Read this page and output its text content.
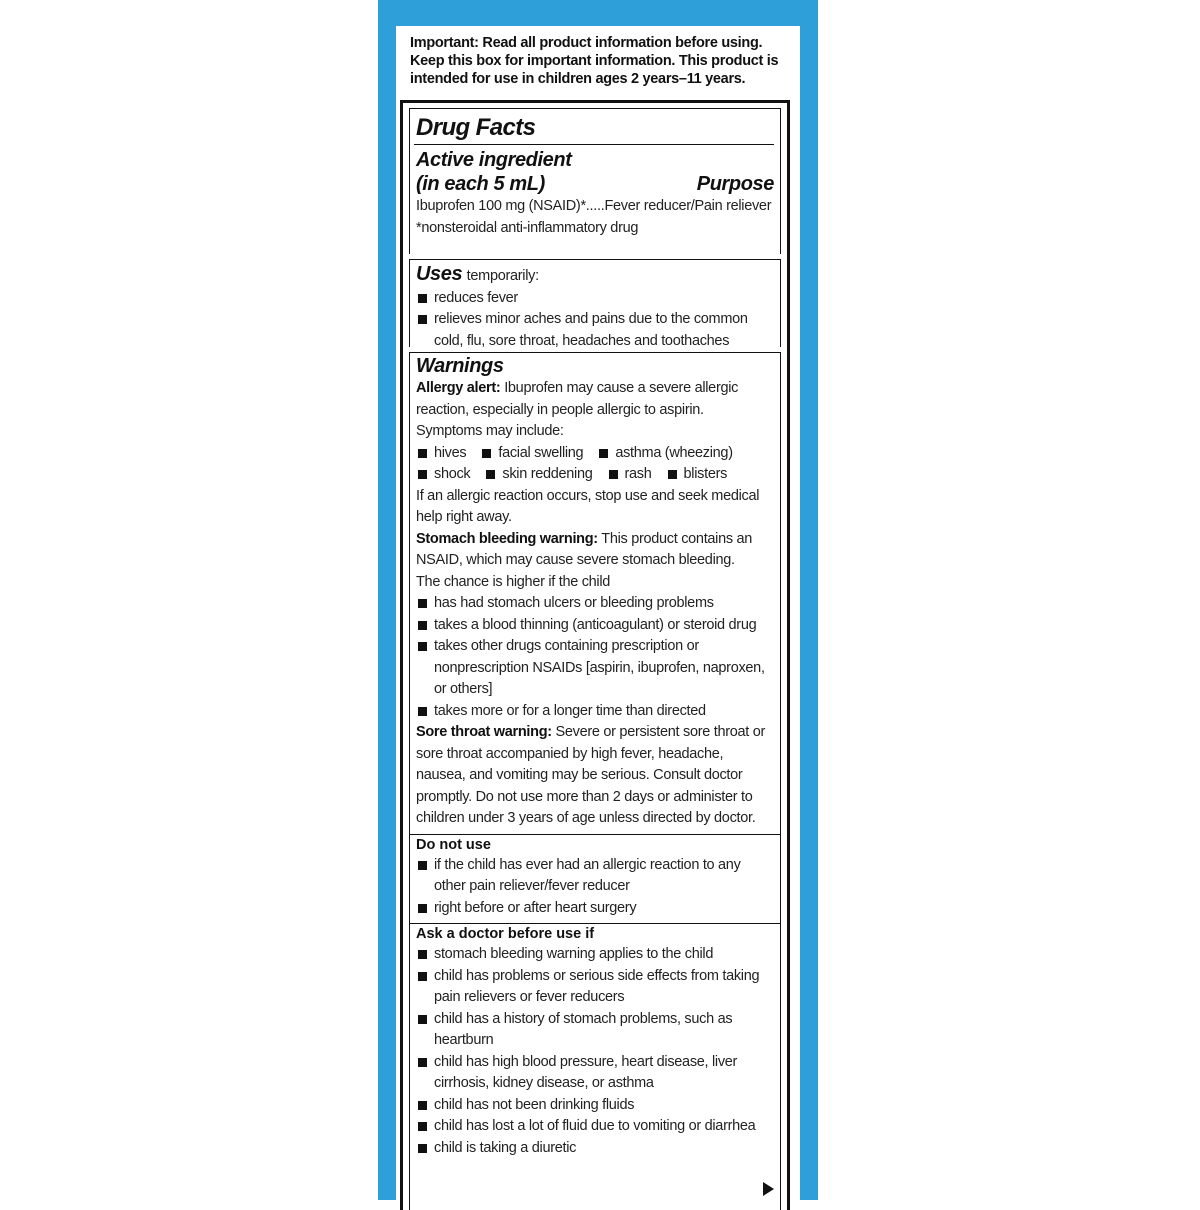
Important: Read all product information before using. Keep this box for important information. This product is intended for use in children ages 2 years–11 years.
Drug Facts
Active ingredient
(in each 5 mL)	Purpose
Ibuprofen 100 mg (NSAID)*.....Fever reducer/Pain reliever
*nonsteroidal anti-inflammatory drug
Uses temporarily:
reduces fever
relieves minor aches and pains due to the common cold, flu, sore throat, headaches and toothaches
Warnings
Allergy alert: Ibuprofen may cause a severe allergic reaction, especially in people allergic to aspirin.
Symptoms may include:
hives facial swelling asthma (wheezing)
shock skin reddening rash blisters
If an allergic reaction occurs, stop use and seek medical help right away.
Stomach bleeding warning: This product contains an NSAID, which may cause severe stomach bleeding.
The chance is higher if the child
has had stomach ulcers or bleeding problems
takes a blood thinning (anticoagulant) or steroid drug
takes other drugs containing prescription or nonprescription NSAIDs [aspirin, ibuprofen, naproxen, or others]
takes more or for a longer time than directed
Sore throat warning: Severe or persistent sore throat or sore throat accompanied by high fever, headache, nausea, and vomiting may be serious. Consult doctor promptly. Do not use more than 2 days or administer to children under 3 years of age unless directed by doctor.
Do not use
if the child has ever had an allergic reaction to any other pain reliever/fever reducer
right before or after heart surgery
Ask a doctor before use if
stomach bleeding warning applies to the child
child has problems or serious side effects from taking pain relievers or fever reducers
child has a history of stomach problems, such as heartburn
child has high blood pressure, heart disease, liver cirrhosis, kidney disease, or asthma
child has not been drinking fluids
child has lost a lot of fluid due to vomiting or diarrhea
child is taking a diuretic
